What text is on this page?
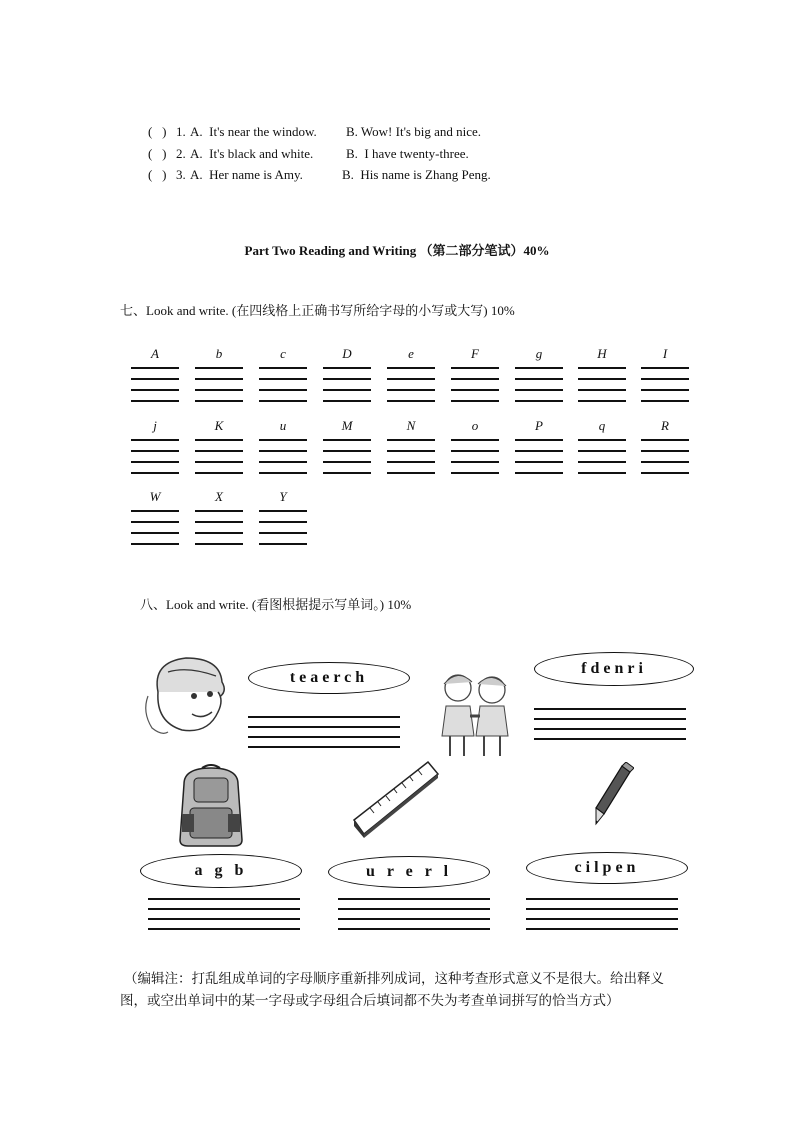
(   ) 1. A.  It's near the window. B. Wow! It's big and nice.
(   ) 2. A.  It's black and white.	B.  I have twenty-three.
(   ) 3. A.  Her name is Amy.	B.  His name is Zhang Peng.
Part Two Reading and Writing （第二部分笔试）40%
七、Look and write. (在四线格上正确书写所给字母的小写或大写) 10%
A	b	c	D	e	F	g	H	I
j	K	u	M	N	o	P	q	R
W	X	Y
八、Look and write. (看图根据提示写单词。) 10%
teaerch
fdenri
a g b	u r e r l	cilpen
（编辑注：打乱组成单词的字母顺序重新排列成词，这种考查形式意义不是很大。给出释义
图，或空出单词中的某一字母或字母组合后填词都不失为考查单词拼写的恰当方式）
